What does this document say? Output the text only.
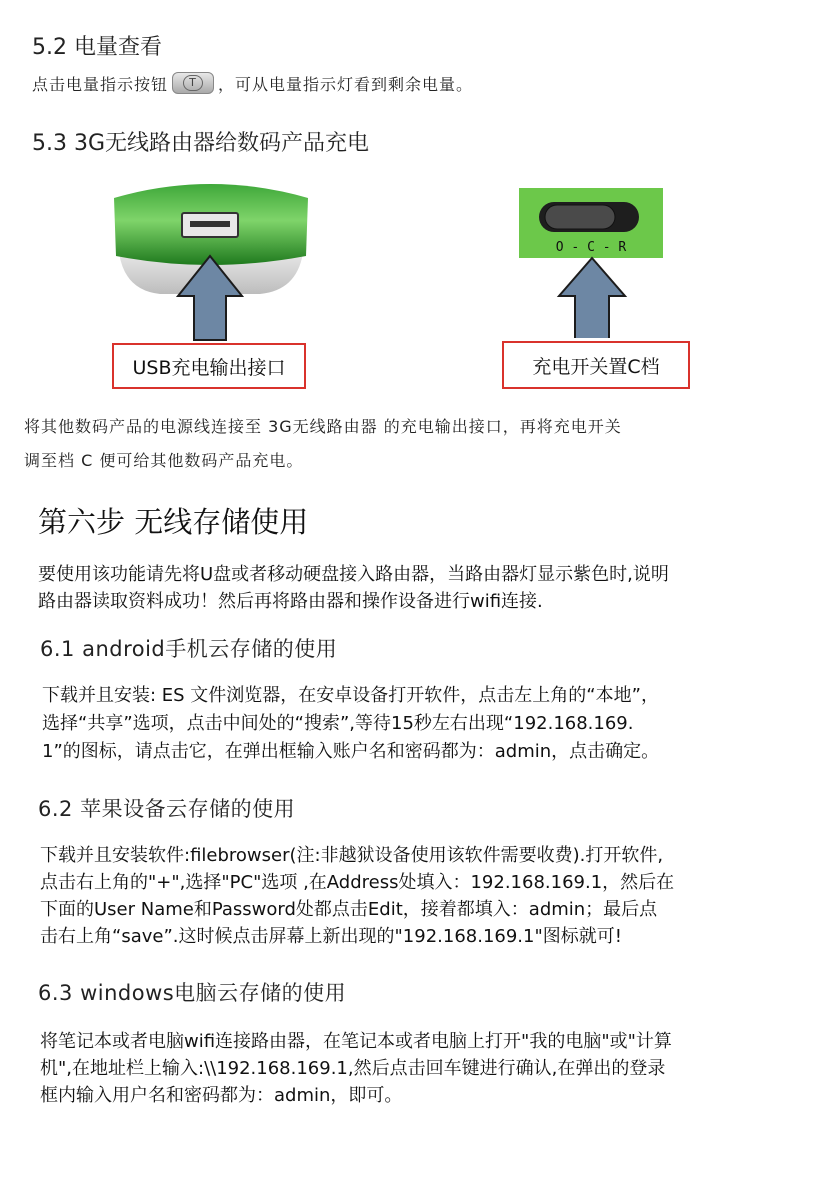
5.2 电量查看
点击电量指示按钮	T	，可从电量指示灯看到剩余电量。
5.3 3G无线路由器给数码产品充电
USB充电输出接口
O - C - R
充电开关置C档
将其他数码产品的电源线连接至 3G无线路由器 的充电输出接口，再将充电开关
调至档 C 便可给其他数码产品充电。
第六步 无线存储使用
要使用该功能请先将U盘或者移动硬盘接入路由器，当路由器灯显示紫色时,说明
路由器读取资料成功！然后再将路由器和操作设备进行wifi连接.
6.1 android手机云存储的使用
下载并且安装: ES 文件浏览器，在安卓设备打开软件，点击左上角的“本地”，
选择“共享”选项，点击中间处的“搜索”,等待15秒左右出现“192.168.169.
1”的图标，请点击它，在弹出框输入账户名和密码都为：admin，点击确定。
6.2 苹果设备云存储的使用
下载并且安装软件:filebrowser(注:非越狱设备使用该软件需要收费).打开软件,
点击右上角的"+",选择"PC"选项 ,在Address处填入：192.168.169.1，然后在
下面的User Name和Password处都点击Edit，接着都填入：admin；最后点
击右上角“save”.这时候点击屏幕上新出现的"192.168.169.1"图标就可!
6.3 windows电脑云存储的使用
将笔记本或者电脑wifi连接路由器，在笔记本或者电脑上打开"我的电脑"或"计算
机",在地址栏上输入:\\192.168.169.1,然后点击回车键进行确认,在弹出的登录
框内输入用户名和密码都为：admin，即可。
